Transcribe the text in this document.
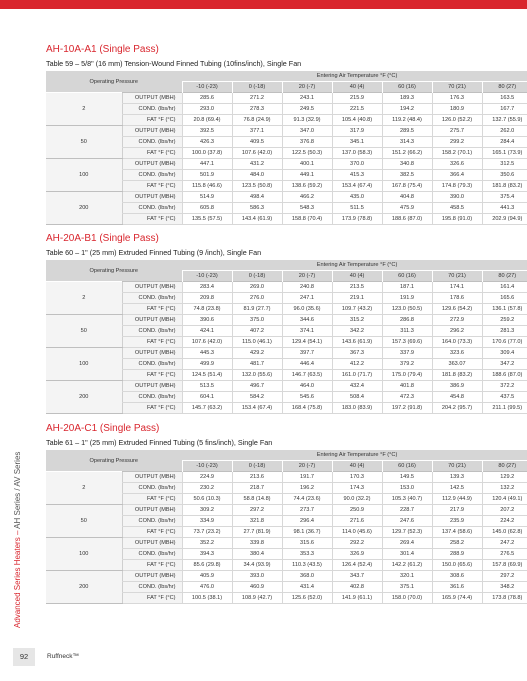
AH-10A-A1 (Single Pass)
Table 59 – 5/8" (16 mm) Tension-Wound Finned Tubing (10fins/inch), Single Fan
Operating Pressure		Entering Air Temperature °F (°C)						
		-10 (-23)	0 (-18)	20 (-7)	40 (4)	60 (16)	70 (21)	80 (27)
2	OUTPUT (MBH)	285.6	271.2	243.1	215.9	189.3	176.3	163.5
	COND. (lbs/hr)	293.0	278.3	249.5	221.5	194.2	180.9	167.7
	FAT °F (°C)	20.8 (69.4)	76.8 (24.9)	91.3 (32.9)	105.4 (40.8)	119.2 (48.4)	126.0 (52.2)	132.7 (55.9)
50	OUTPUT (MBH)	392.5	377.1	347.0	317.9	289.5	275.7	262.0
	COND. (lbs/hr)	426.3	409.5	376.8	345.1	314.3	299.2	284.4
	FAT °F (°C)	100.0 (37.8)	107.6 (42.0)	122.5 (50.3)	137.0 (58.3)	151.2 (66.2)	158.2 (70.1)	165.1 (73.9)
100	OUTPUT (MBH)	447.1	431.2	400.1	370.0	340.8	326.6	312.5
	COND. (lbs/hr)	501.9	484.0	449.1	415.3	382.5	366.4	350.6
	FAT °F (°C)	115.8 (46.6)	123.5 (50.8)	138.6 (59.2)	153.4 (67.4)	167.8 (75.4)	174.8 (79.3)	181.8 (83.2)
200	OUTPUT (MBH)	514.9	498.4	466.2	435.0	404.8	390.0	375.4
	COND. (lbs/hr)	605.8	586.3	548.3	511.5	475.9	458.5	441.3
	FAT °F (°C)	135.5 (57.5)	143.4 (61.9)	158.8 (70.4)	173.9 (78.8)	188.6 (87.0)	195.8 (91.0)	202.9 (94.9)
AH-20A-B1 (Single Pass)
Table 60 – 1" (25 mm) Extruded Finned Tubing (9 /inch), Single Fan
Operating Pressure		Entering Air Temperature °F (°C)						
		-10 (-23)	0 (-18)	20 (-7)	40 (4)	60 (16)	70 (21)	80 (27)
2	OUTPUT (MBH)	283.4	269.0	240.8	213.5	187.1	174.1	161.4
	COND. (lbs/hr)	209.8	276.0	247.1	219.1	191.9	178.6	165.6
	FAT °F (°C)	74.8 (23.8)	81.9 (27.7)	96.0 (35.6)	109.7 (43.2)	123.0 (50.5)	129.6 (54.2)	136.1 (57.8)
50	OUTPUT (MBH)	390.6	375.0	344.6	315.2	286.8	272.9	259.2
	COND. (lbs/hr)	424.1	407.2	374.1	342.2	311.3	296.2	281.3
	FAT °F (°C)	107.6 (42.0)	115.0 (46.1)	129.4 (54.1)	143.6 (61.9)	157.3 (69.6)	164.0 (73.3)	170.6 (77.0)
100	OUTPUT (MBH)	445.3	429.2	397.7	367.3	337.9	323.6	309.4
	COND. (lbs/hr)	499.9	481.7	446.4	412.2	379.2	363.07	347.2
	FAT °F (°C)	124.5 (51.4)	132.0 (55.6)	146.7 (63.5)	161.0 (71.7)	175.0 (79.4)	181.8 (83.2)	188.6 (87.0)
200	OUTPUT (MBH)	513.5	496.7	464.0	432.4	401.8	386.9	372.2
	COND. (lbs/hr)	604.1	584.2	545.6	508.4	472.3	454.8	437.5
	FAT °F (°C)	145.7 (63.2)	153.4 (67.4)	168.4 (75.8)	183.0 (83.9)	197.2 (91.8)	204.2 (95.7)	211.1 (99.5)
AH-20A-C1 (Single Pass)
Table 61 – 1" (25 mm) Extruded Finned Tubing (5 fins/inch), Single Fan
Operating Pressure		Entering Air Temperature °F (°C)						
		-10 (-23)	0 (-18)	20 (-7)	40 (4)	60 (16)	70 (21)	80 (27)
2	OUTPUT (MBH)	224.9	213.6	191.7	170.3	149.5	139.3	129.2
	COND. (lbs/hr)	230.2	218.7	196.2	174.3	153.0	142.5	132.2
	FAT °F (°C)	50.6 (10.3)	58.8 (14.8)	74.4 (23.6)	90.0 (32.2)	105.3 (40.7)	112.9 (44.9)	120.4 (49.1)
50	OUTPUT (MBH)	309.2	297.2	273.7	250.9	228.7	217.9	207.2
	COND. (lbs/hr)	334.9	321.8	296.4	271.6	247.6	235.9	224.2
	FAT °F (°C)	73.7 (23.2)	27.7 (81.9)	98.1 (36.7)	114.0 (45.6)	129.7 (52.3)	137.4 (58.6)	145.0 (62.8)
100	OUTPUT (MBH)	352.2	339.8	315.6	292.2	269.4	258.2	247.2
	COND. (lbs/hr)	394.3	380.4	353.3	326.9	301.4	288.9	276.5
	FAT °F (°C)	85.6 (29.8)	34.4 (93.9)	110.3 (43.5)	126.4 (52.4)	142.2 (61.2)	150.0 (65.6)	157.8 (69.9)
200	OUTPUT (MBH)	405.9	393.0	368.0	343.7	320.1	308.6	297.2
	COND. (lbs/hr)	476.0	460.9	431.4	402.8	375.1	361.6	348.2
	FAT °F (°C)	100.5 (38.1)	108.9 (42.7)	125.6 (52.0)	141.9 (61.1)	158.0 (70.0)	165.9 (74.4)	173.8 (78.8)
Advanced Series Heaters – AH Series / AV Series
92	Ruffneck™
